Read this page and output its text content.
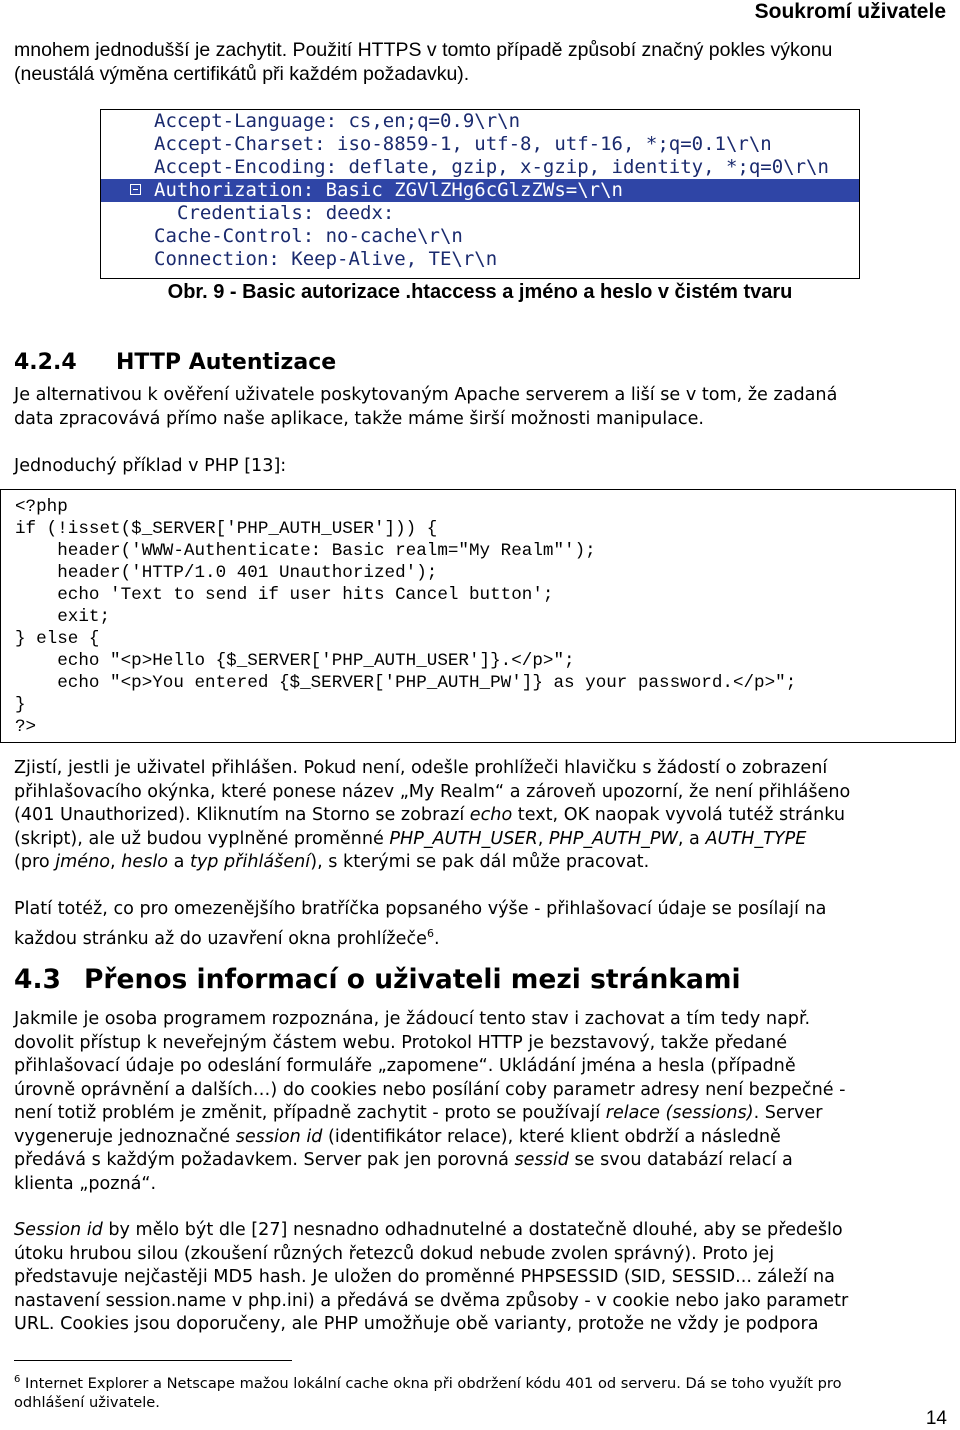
Soukromí uživatele

mnohem jednodušší je zachytit. Použití HTTPS v tomto případě způsobí značný pokles výkonu

(neustálá výměna certifikátů při každém požadavku).

Accept-Language: cs,en;q=0.9\r\n
Accept-Charset: iso-8859-1, utf-8, utf-16, *;q=0.1\r\n
Accept-Encoding: deflate, gzip, x-gzip, identity, *;q=0\r\n
Authorization: Basic ZGVlZHg6cGlzZWs=\r\n
Credentials: deedx:
Cache-Control: no-cache\r\n
Connection: Keep-Alive, TE\r\n
Obr. 9 - Basic autorizace .htaccess a jméno a heslo v čistém tvaru
4.2.4 HTTP Autentizace

Je alternativou k ověření uživatele poskytovaným Apache serverem a liší se v tom, že zadaná

data zpracovává přímo naše aplikace, takže máme širší možnosti manipulace.

Jednoduchý příklad v PHP [13]:
<?php
if (!isset($_SERVER['PHP_AUTH_USER'])) {
header('WWW-Authenticate: Basic realm="My Realm"');
header('HTTP/1.0 401 Unauthorized');
echo 'Text to send if user hits Cancel button';
exit;
} else {
echo "<p>Hello {$_SERVER['PHP_AUTH_USER']}.</p>";
echo "<p>You entered {$_SERVER['PHP_AUTH_PW']} as your password.</p>";
}
?>

Zjistí, jestli je uživatel přihlášen. Pokud není, odešle prohlížeči hlavičku s žádostí o zobrazení

přihlašovacího okýnka, které ponese název „My Realm“ a zároveň upozorní, že není přihlášeno

(401 Unauthorized). Kliknutím na Storno se zobrazí echo text, OK naopak vyvolá tutéž stránku

(skript), ale už budou vyplněné proměnné PHP_AUTH_USER, PHP_AUTH_PW, a AUTH_TYPE

(pro jméno, heslo a typ přihlášení), s kterými se pak dál může pracovat.

Platí totéž, co pro omezenějšího bratříčka popsaného výše - přihlašovací údaje se posílají na

každou stránku až do uzavření okna prohlížeče$^6$.

4.3 Přenos informací o uživateli mezi stránkami

Jakmile je osoba programem rozpoznána, je žádoucí tento stav i zachovat a tím tedy např.

dovolit přístup k neveřejným částem webu. Protokol HTTP je bezstavový, takže předané

přihlašovací údaje po odeslání formuláře „zapomene“. Ukládání jména a hesla (případně

úrovně oprávnění a dalších…) do cookies nebo posílání coby parametr adresy není bezpečné -

není totiž problém je změnit, případně zachytit - proto se používají relace (sessions). Server

vygeneruje jednoznačné session id (identifikátor relace), které klient obdrží a následně

předává s každým požadavkem. Server pak jen porovná sessid se svou databází relací a

klienta „pozná“.

Session id by mělo být dle [27] nesnadno odhadnutelné a dostatečně dlouhé, aby se předešlo

útoku hrubou silou (zkoušení různých řetezců dokud nebude zvolen správný). Proto jej

představuje nejčastěji MD5 hash. Je uložen do proměnné PHPSESSID (SID, SESSID... záleží na

nastavení session.name v php.ini) a předává se dvěma způsoby - v cookie nebo jako parametr

URL. Cookies jsou doporučeny, ale PHP umožňuje obě varianty, protože ne vždy je podpora

$^6$ Internet Explorer a Netscape mažou lokální cache okna při obdržení kódu 401 od serveru. Dá se toho využít pro
odhlášení uživatele.
14
